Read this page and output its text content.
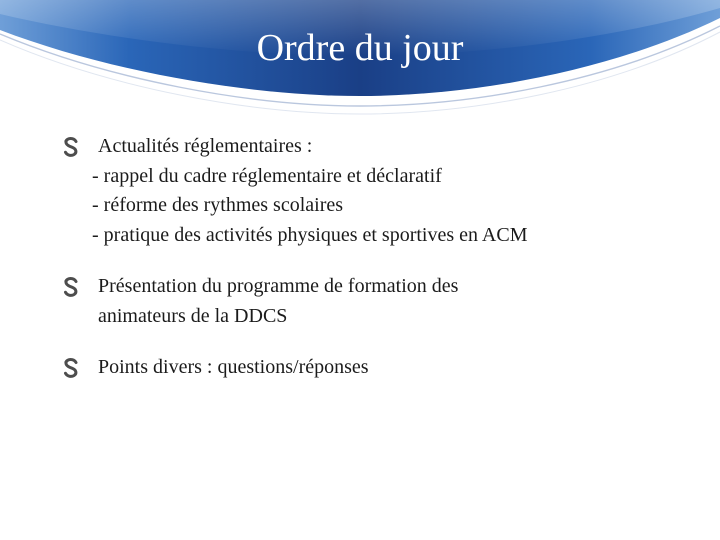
Ordre du jour
Actualités réglementaires :
- rappel du cadre réglementaire et déclaratif
- réforme des rythmes scolaires
- pratique des activités physiques et sportives en ACM
Présentation du programme de formation des
animateurs de la DDCS
Points divers : questions/réponses
